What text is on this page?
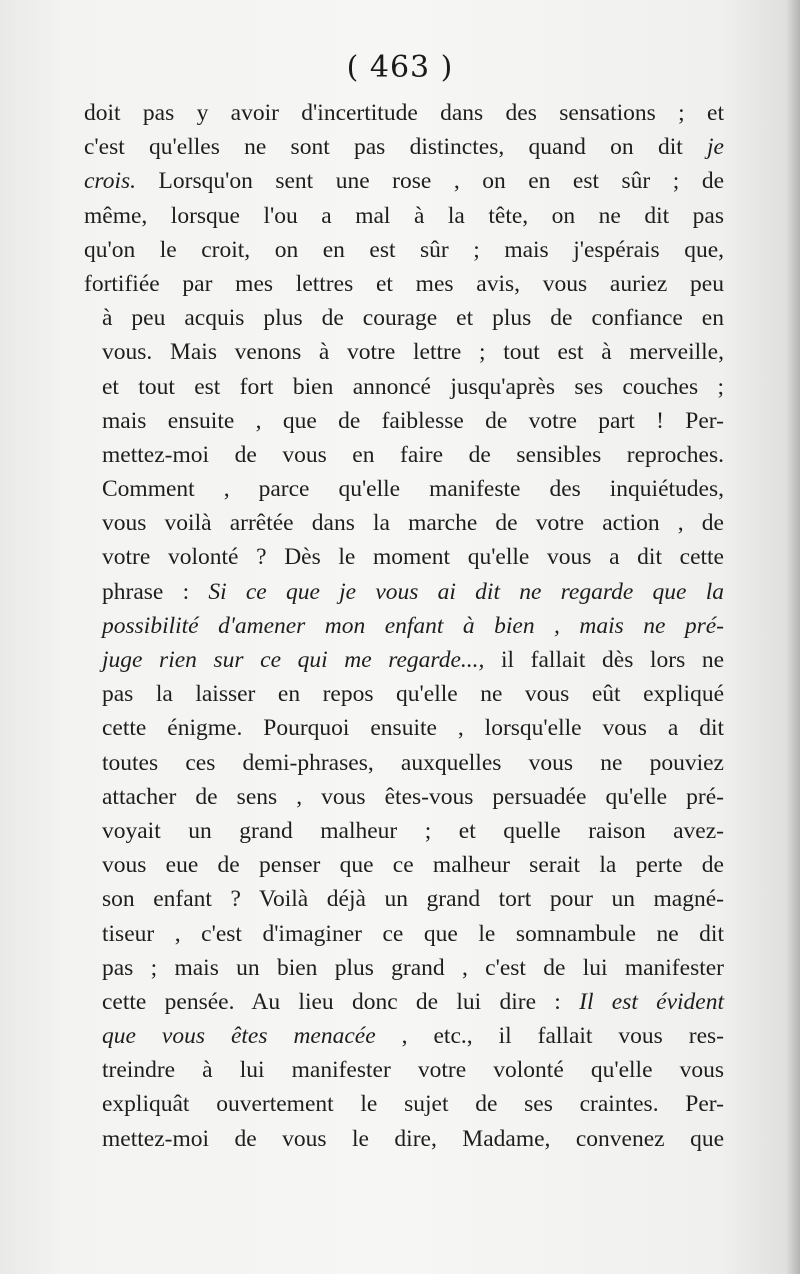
( 463 )
doit pas y avoir d'incertitude dans des sensations ; et
c'est qu'elles ne sont pas distinctes, quand on dit je
crois. Lorsqu'on sent une rose , on en est sûr ; de
même, lorsque l'ou a mal à la tête, on ne dit pas
qu'on le croit, on en est sûr ; mais j'espérais que,
fortifiée par mes lettres et mes avis, vous auriez peu
à peu acquis plus de courage et plus de confiance en
vous. Mais venons à votre lettre ; tout est à merveille,
et tout est fort bien annoncé jusqu'après ses couches ;
mais ensuite , que de faiblesse de votre part ! Per-
mettez-moi de vous en faire de sensibles reproches.
Comment , parce qu'elle manifeste des inquiétudes,
vous voilà arrêtée dans la marche de votre action , de
votre volonté ? Dès le moment qu'elle vous a dit cette
phrase : Si ce que je vous ai dit ne regarde que la
possibilité d'amener mon enfant à bien , mais ne pré-
juge rien sur ce qui me regarde..., il fallait dès lors ne
pas la laisser en repos qu'elle ne vous eût expliqué
cette énigme. Pourquoi ensuite , lorsqu'elle vous a dit
toutes ces demi-phrases, auxquelles vous ne pouviez
attacher de sens , vous êtes-vous persuadée qu'elle pré-
voyait un grand malheur ; et quelle raison avez-
vous eue de penser que ce malheur serait la perte de
son enfant ? Voilà déjà un grand tort pour un magné-
tiseur , c'est d'imaginer ce que le somnambule ne dit
pas ; mais un bien plus grand , c'est de lui manifester
cette pensée. Au lieu donc de lui dire : Il est évident
que vous êtes menacée , etc., il fallait vous res-
treindre à lui manifester votre volonté qu'elle vous
expliquât ouvertement le sujet de ses craintes. Per-
mettez-moi de vous le dire, Madame, convenez que
